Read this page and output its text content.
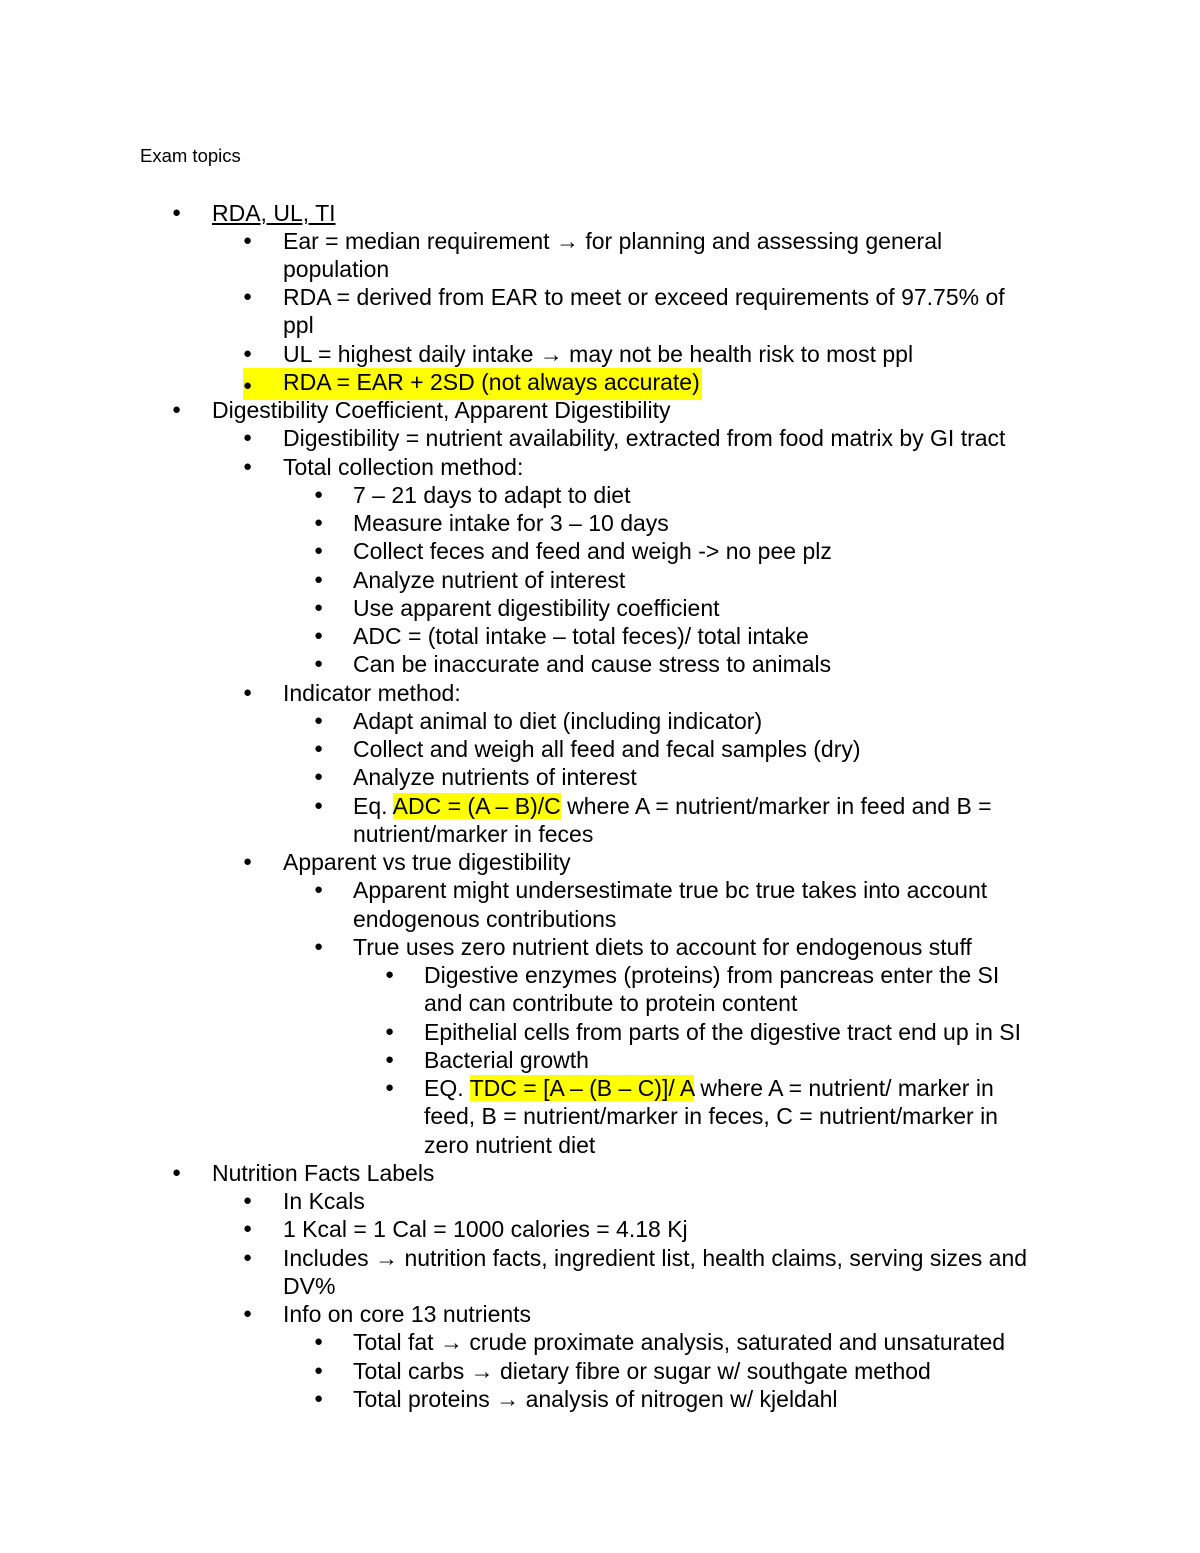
Exam topics
● RDA, UL, TI
● Ear = median requirement → for planning and assessing general
population
● RDA = derived from EAR to meet or exceed requirements of 97.75% of
ppl
● UL = highest daily intake → may not be health risk to most ppl
● RDA = EAR + 2SD (not always accurate)
● Digestibility Coefficient, Apparent Digestibility
● Digestibility = nutrient availability, extracted from food matrix by GI tract
● Total collection method:
● 7 – 21 days to adapt to diet
● Measure intake for 3 – 10 days
● Collect feces and feed and weigh -> no pee plz
● Analyze nutrient of interest
● Use apparent digestibility coefficient
● ADC = (total intake – total feces)/ total intake
● Can be inaccurate and cause stress to animals
● Indicator method:
● Adapt animal to diet (including indicator)
● Collect and weigh all feed and fecal samples (dry)
● Analyze nutrients of interest
● Eq. ADC = (A – B)/C where A = nutrient/marker in feed and B =
nutrient/marker in feces
● Apparent vs true digestibility
● Apparent might undersestimate true bc true takes into account
endogenous contributions
● True uses zero nutrient diets to account for endogenous stuff
● Digestive enzymes (proteins) from pancreas enter the SI
and can contribute to protein content
● Epithelial cells from parts of the digestive tract end up in SI
● Bacterial growth
● EQ. TDC = [A – (B – C)]/ A where A = nutrient/ marker in
feed, B = nutrient/marker in feces, C = nutrient/marker in
zero nutrient diet
● Nutrition Facts Labels
● In Kcals
● 1 Kcal = 1 Cal = 1000 calories = 4.18 Kj
● Includes → nutrition facts, ingredient list, health claims, serving sizes and
DV%
● Info on core 13 nutrients
● Total fat → crude proximate analysis, saturated and unsaturated
● Total carbs → dietary fibre or sugar w/ southgate method
● Total proteins → analysis of nitrogen w/ kjeldahl
